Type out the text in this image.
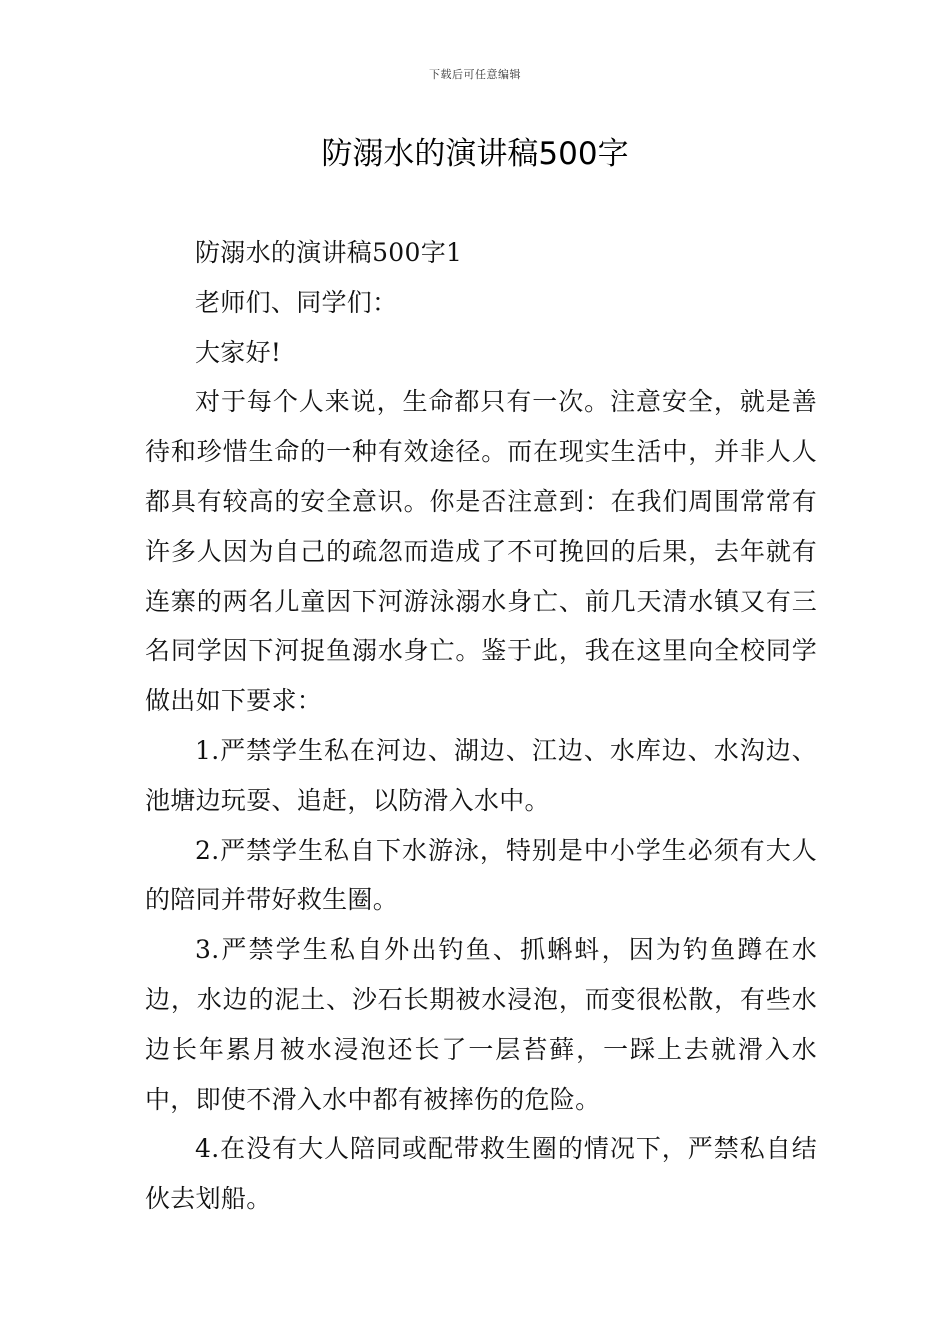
下载后可任意编辑
防溺水的演讲稿500字

防溺水的演讲稿500字1

老师们、同学们：

大家好!

对于每个人来说，生命都只有一次。注意安全，就是善待和珍惜生命的一种有效途径。而在现实生活中，并非人人都具有较高的安全意识。你是否注意到：在我们周围常常有许多人因为自己的疏忽而造成了不可挽回的后果，去年就有连寨的两名儿童因下河游泳溺水身亡、前几天清水镇又有三名同学因下河捉鱼溺水身亡。鉴于此，我在这里向全校同学做出如下要求：

1.严禁学生私在河边、湖边、江边、水库边、水沟边、池塘边玩耍、追赶，以防滑入水中。

2.严禁学生私自下水游泳，特别是中小学生必须有大人的陪同并带好救生圈。

3.严禁学生私自外出钓鱼、抓蝌蚪，因为钓鱼蹲在水边，水边的泥土、沙石长期被水浸泡，而变很松散，有些水边长年累月被水浸泡还长了一层苔藓，一踩上去就滑入水中，即使不滑入水中都有被摔伤的危险。

4.在没有大人陪同或配带救生圈的情况下，严禁私自结伙去划船。
